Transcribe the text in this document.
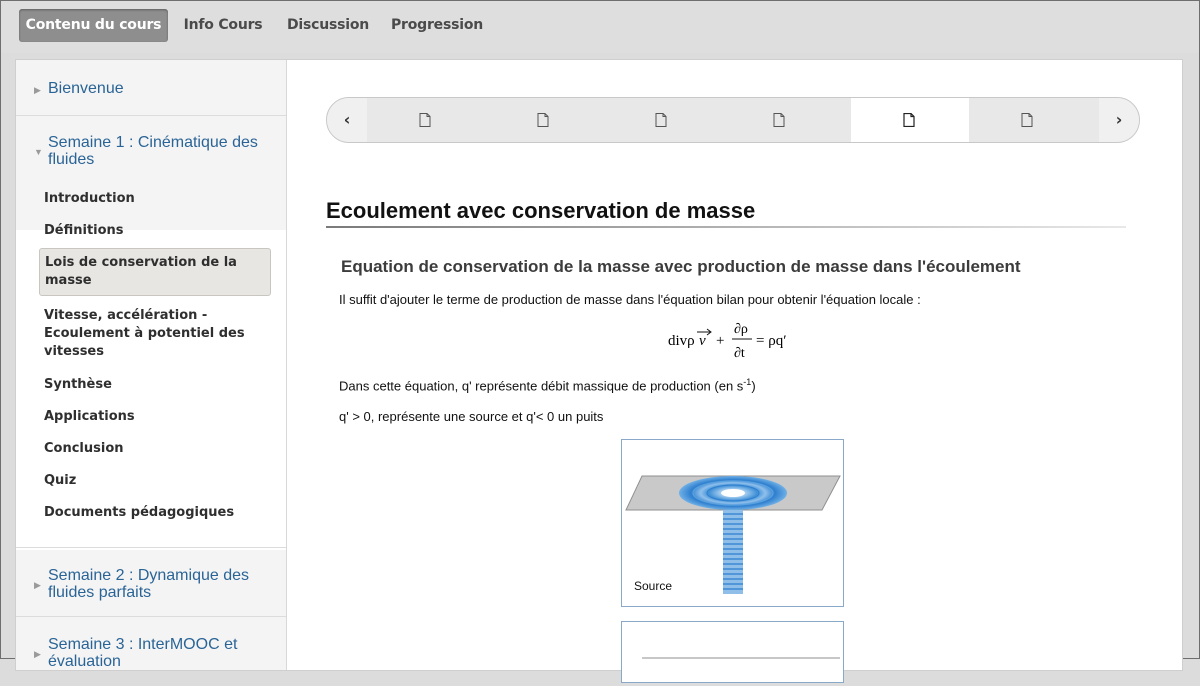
Contenu du cours	Info Cours	Discussion Progression
▶ Bienvenue
▼
Semaine 1 : Cinématique des fluides
Introduction
Définitions
Lois de conservation de la masse
Vitesse, accélération - Ecoulement à potentiel des vitesses
Synthèse
Applications
Conclusion
Quiz
Documents pédagogiques
▶
Semaine 2 : Dynamique des fluides parfaits
▶
Semaine 3 : InterMOOC et évaluation
‹	›
Ecoulement avec conservation de masse
Equation de conservation de la masse avec production de masse dans l'écoulement
Il suffit d'ajouter le terme de production de masse dans l'équation bilan pour obtenir l'équation locale :
divρ v +
∂ρ
∂t
= ρq′
Dans cette équation, q' représente débit massique de production (en $s^{-1}$)
q' > 0, représente une source et q'< 0 un puits
Source
